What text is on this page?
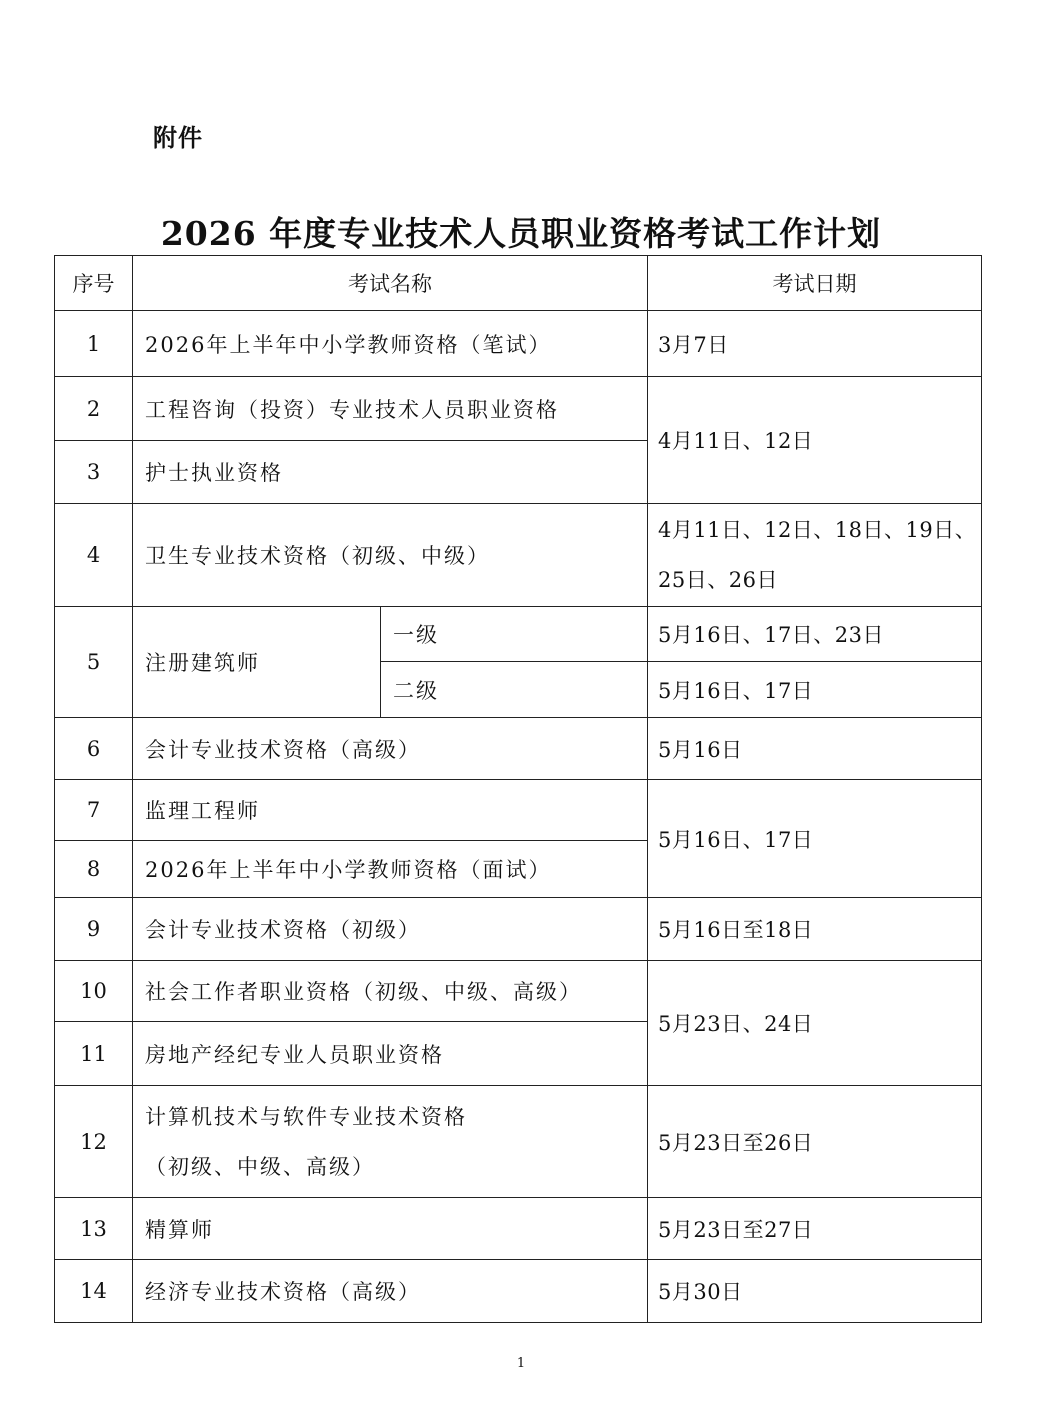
附件
2026 年度专业技术人员职业资格考试工作计划
序号	考试名称		考试日期
1	2026年上半年中小学教师资格（笔试）		3月7日
2	工程咨询（投资）专业技术人员职业资格		4月11日、12日
3	护士执业资格		
4	卫生专业技术资格（初级、中级）		4月11日、12日、18日、19日、
25日、26日

5	注册建筑师	一级	5月16日、17日、23日
		二级	5月16日、17日
6	会计专业技术资格（高级）		5月16日
7	监理工程师		5月16日、17日
8	2026年上半年中小学教师资格（面试）		
9	会计专业技术资格（初级）		5月16日至18日
10	社会工作者职业资格（初级、中级、高级）		5月23日、24日
11	房地产经纪专业人员职业资格		
12	计算机技术与软件专业技术资格
（初级、中级、高级）		5月23日至26日
13	精算师		5月23日至27日
14	经济专业技术资格（高级）		5月30日
1
